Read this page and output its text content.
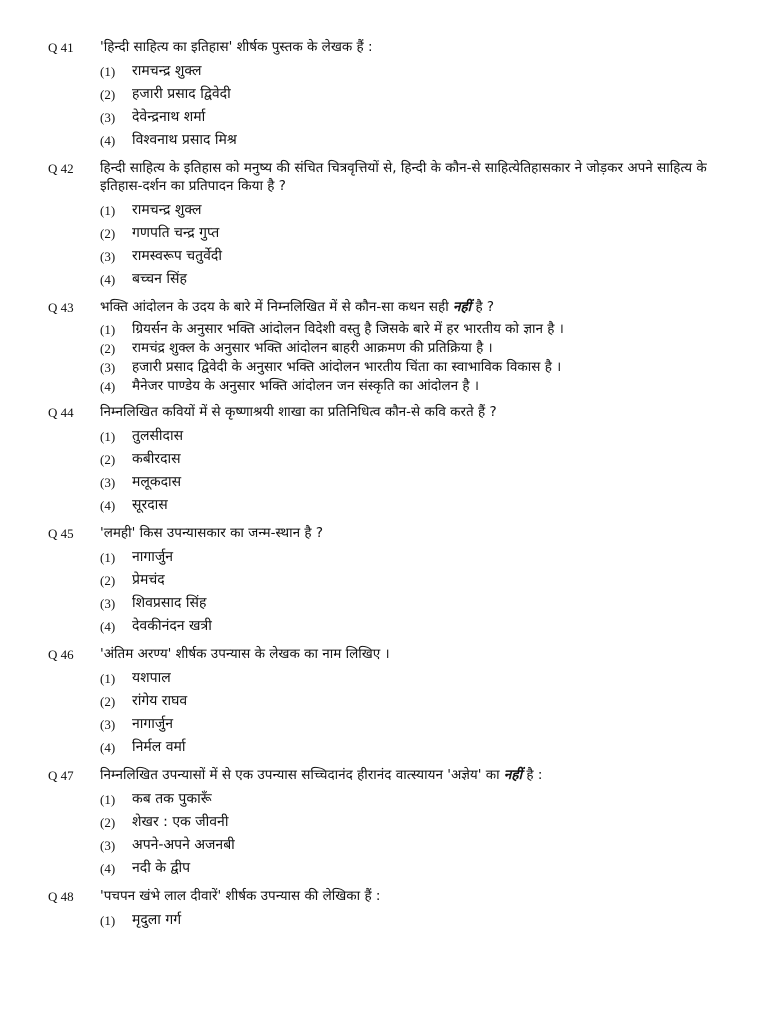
Q 41 'हिन्दी साहित्य का इतिहास' शीर्षक पुस्तक के लेखक हैं :

(1) रामचन्द्र शुक्ल
(2) हजारी प्रसाद द्विवेदी
(3) देवेन्द्रनाथ शर्मा
(4) विश्वनाथ प्रसाद मिश्र
Q 42 हिन्दी साहित्य के इतिहास को मनुष्य की संचित चित्रवृत्तियों से, हिन्दी के कौन-से साहित्येतिहासकार ने जोड़कर अपने साहित्य के इतिहास-दर्शन का प्रतिपादन किया है ?

(1) रामचन्द्र शुक्ल
(2) गणपति चन्द्र गुप्त
(3) रामस्वरूप चतुर्वेदी
(4) बच्चन सिंह
Q 43 भक्ति आंदोलन के उदय के बारे में निम्नलिखित में से कौन-सा कथन सही नहीं है ?

(1) ग्रियर्सन के अनुसार भक्ति आंदोलन विदेशी वस्तु है जिसके बारे में हर भारतीय को ज्ञान है ।
(2) रामचंद्र शुक्ल के अनुसार भक्ति आंदोलन बाहरी आक्रमण की प्रतिक्रिया है ।
(3) हजारी प्रसाद द्विवेदी के अनुसार भक्ति आंदोलन भारतीय चिंता का स्वाभाविक विकास है ।
(4) मैनेजर पाण्डेय के अनुसार भक्ति आंदोलन जन संस्कृति का आंदोलन है ।
Q 44 निम्नलिखित कवियों में से कृष्णाश्रयी शाखा का प्रतिनिधित्व कौन-से कवि करते हैं ?

(1) तुलसीदास
(2) कबीरदास
(3) मलूकदास
(4) सूरदास
Q 45 'लमही' किस उपन्यासकार का जन्म-स्थान है ?

(1) नागार्जुन
(2) प्रेमचंद
(3) शिवप्रसाद सिंह
(4) देवकीनंदन खत्री
Q 46 'अंतिम अरण्य' शीर्षक उपन्यास के लेखक का नाम लिखिए ।

(1) यशपाल
(2) रांगेय राघव
(3) नागार्जुन
(4) निर्मल वर्मा
Q 47 निम्नलिखित उपन्यासों में से एक उपन्यास सच्चिदानंद हीरानंद वात्स्यायन 'अज्ञेय' का नहीं है :

(1) कब तक पुकारूँ
(2) शेखर : एक जीवनी
(3) अपने-अपने अजनबी
(4) नदी के द्वीप
Q 48 'पचपन खंभे लाल दीवारें' शीर्षक उपन्यास की लेखिका हैं :

(1) मृदुला गर्ग
